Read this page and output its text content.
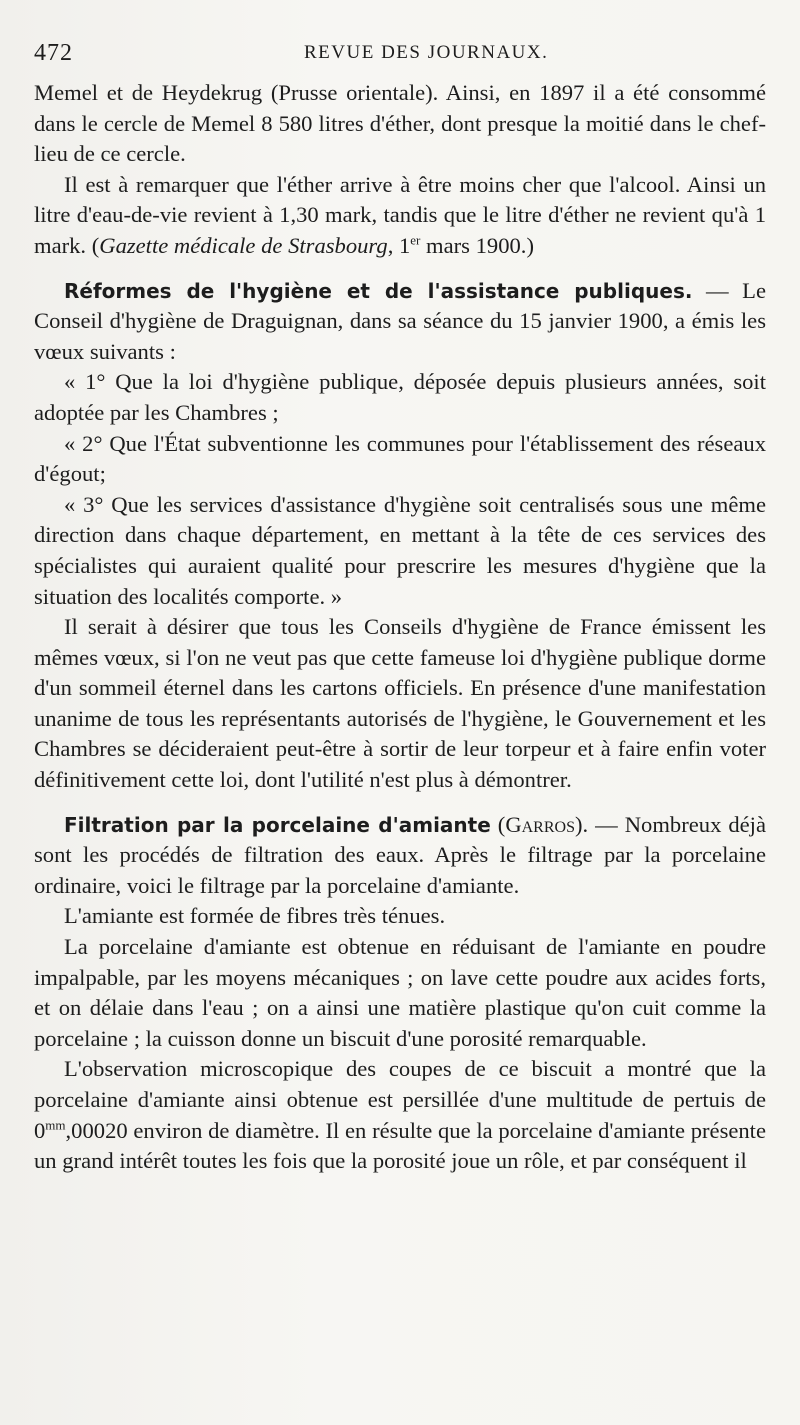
472	REVUE DES JOURNAUX.

Memel et de Heydekrug (Prusse orientale). Ainsi, en 1897 il a été consommé dans le cercle de Memel 8 580 litres d'éther, dont presque la moitié dans le chef-lieu de ce cercle.

Il est à remarquer que l'éther arrive à être moins cher que l'alcool. Ainsi un litre d'eau-de-vie revient à 1,30 mark, tandis que le litre d'éther ne revient qu'à 1 mark. (Gazette médicale de Strasbourg, 1er mars 1900.)

Réformes de l'hygiène et de l'assistance publiques. — Le Conseil d'hygiène de Draguignan, dans sa séance du 15 janvier 1900, a émis les vœux suivants :

« 1° Que la loi d'hygiène publique, déposée depuis plusieurs années, soit adoptée par les Chambres ;

« 2° Que l'État subventionne les communes pour l'établissement des réseaux d'égout;

« 3° Que les services d'assistance d'hygiène soit centralisés sous une même direction dans chaque département, en mettant à la tête de ces services des spécialistes qui auraient qualité pour prescrire les mesures d'hygiène que la situation des localités comporte. »

Il serait à désirer que tous les Conseils d'hygiène de France émissent les mêmes vœux, si l'on ne veut pas que cette fameuse loi d'hygiène publique dorme d'un sommeil éternel dans les cartons officiels. En présence d'une manifestation unanime de tous les représentants autorisés de l'hygiène, le Gouvernement et les Chambres se décideraient peut-être à sortir de leur torpeur et à faire enfin voter définitivement cette loi, dont l'utilité n'est plus à démontrer.

Filtration par la porcelaine d'amiante (Garros). — Nombreux déjà sont les procédés de filtration des eaux. Après le filtrage par la porcelaine ordinaire, voici le filtrage par la porcelaine d'amiante.

L'amiante est formée de fibres très ténues.

La porcelaine d'amiante est obtenue en réduisant de l'amiante en poudre impalpable, par les moyens mécaniques ; on lave cette poudre aux acides forts, et on délaie dans l'eau ; on a ainsi une matière plastique qu'on cuit comme la porcelaine ; la cuisson donne un biscuit d'une porosité remarquable.

L'observation microscopique des coupes de ce biscuit a montré que la porcelaine d'amiante ainsi obtenue est persillée d'une multitude de pertuis de $0^{mm},00020$ environ de diamètre. Il en résulte que la porcelaine d'amiante présente un grand intérêt toutes les fois que la porosité joue un rôle, et par conséquent il
